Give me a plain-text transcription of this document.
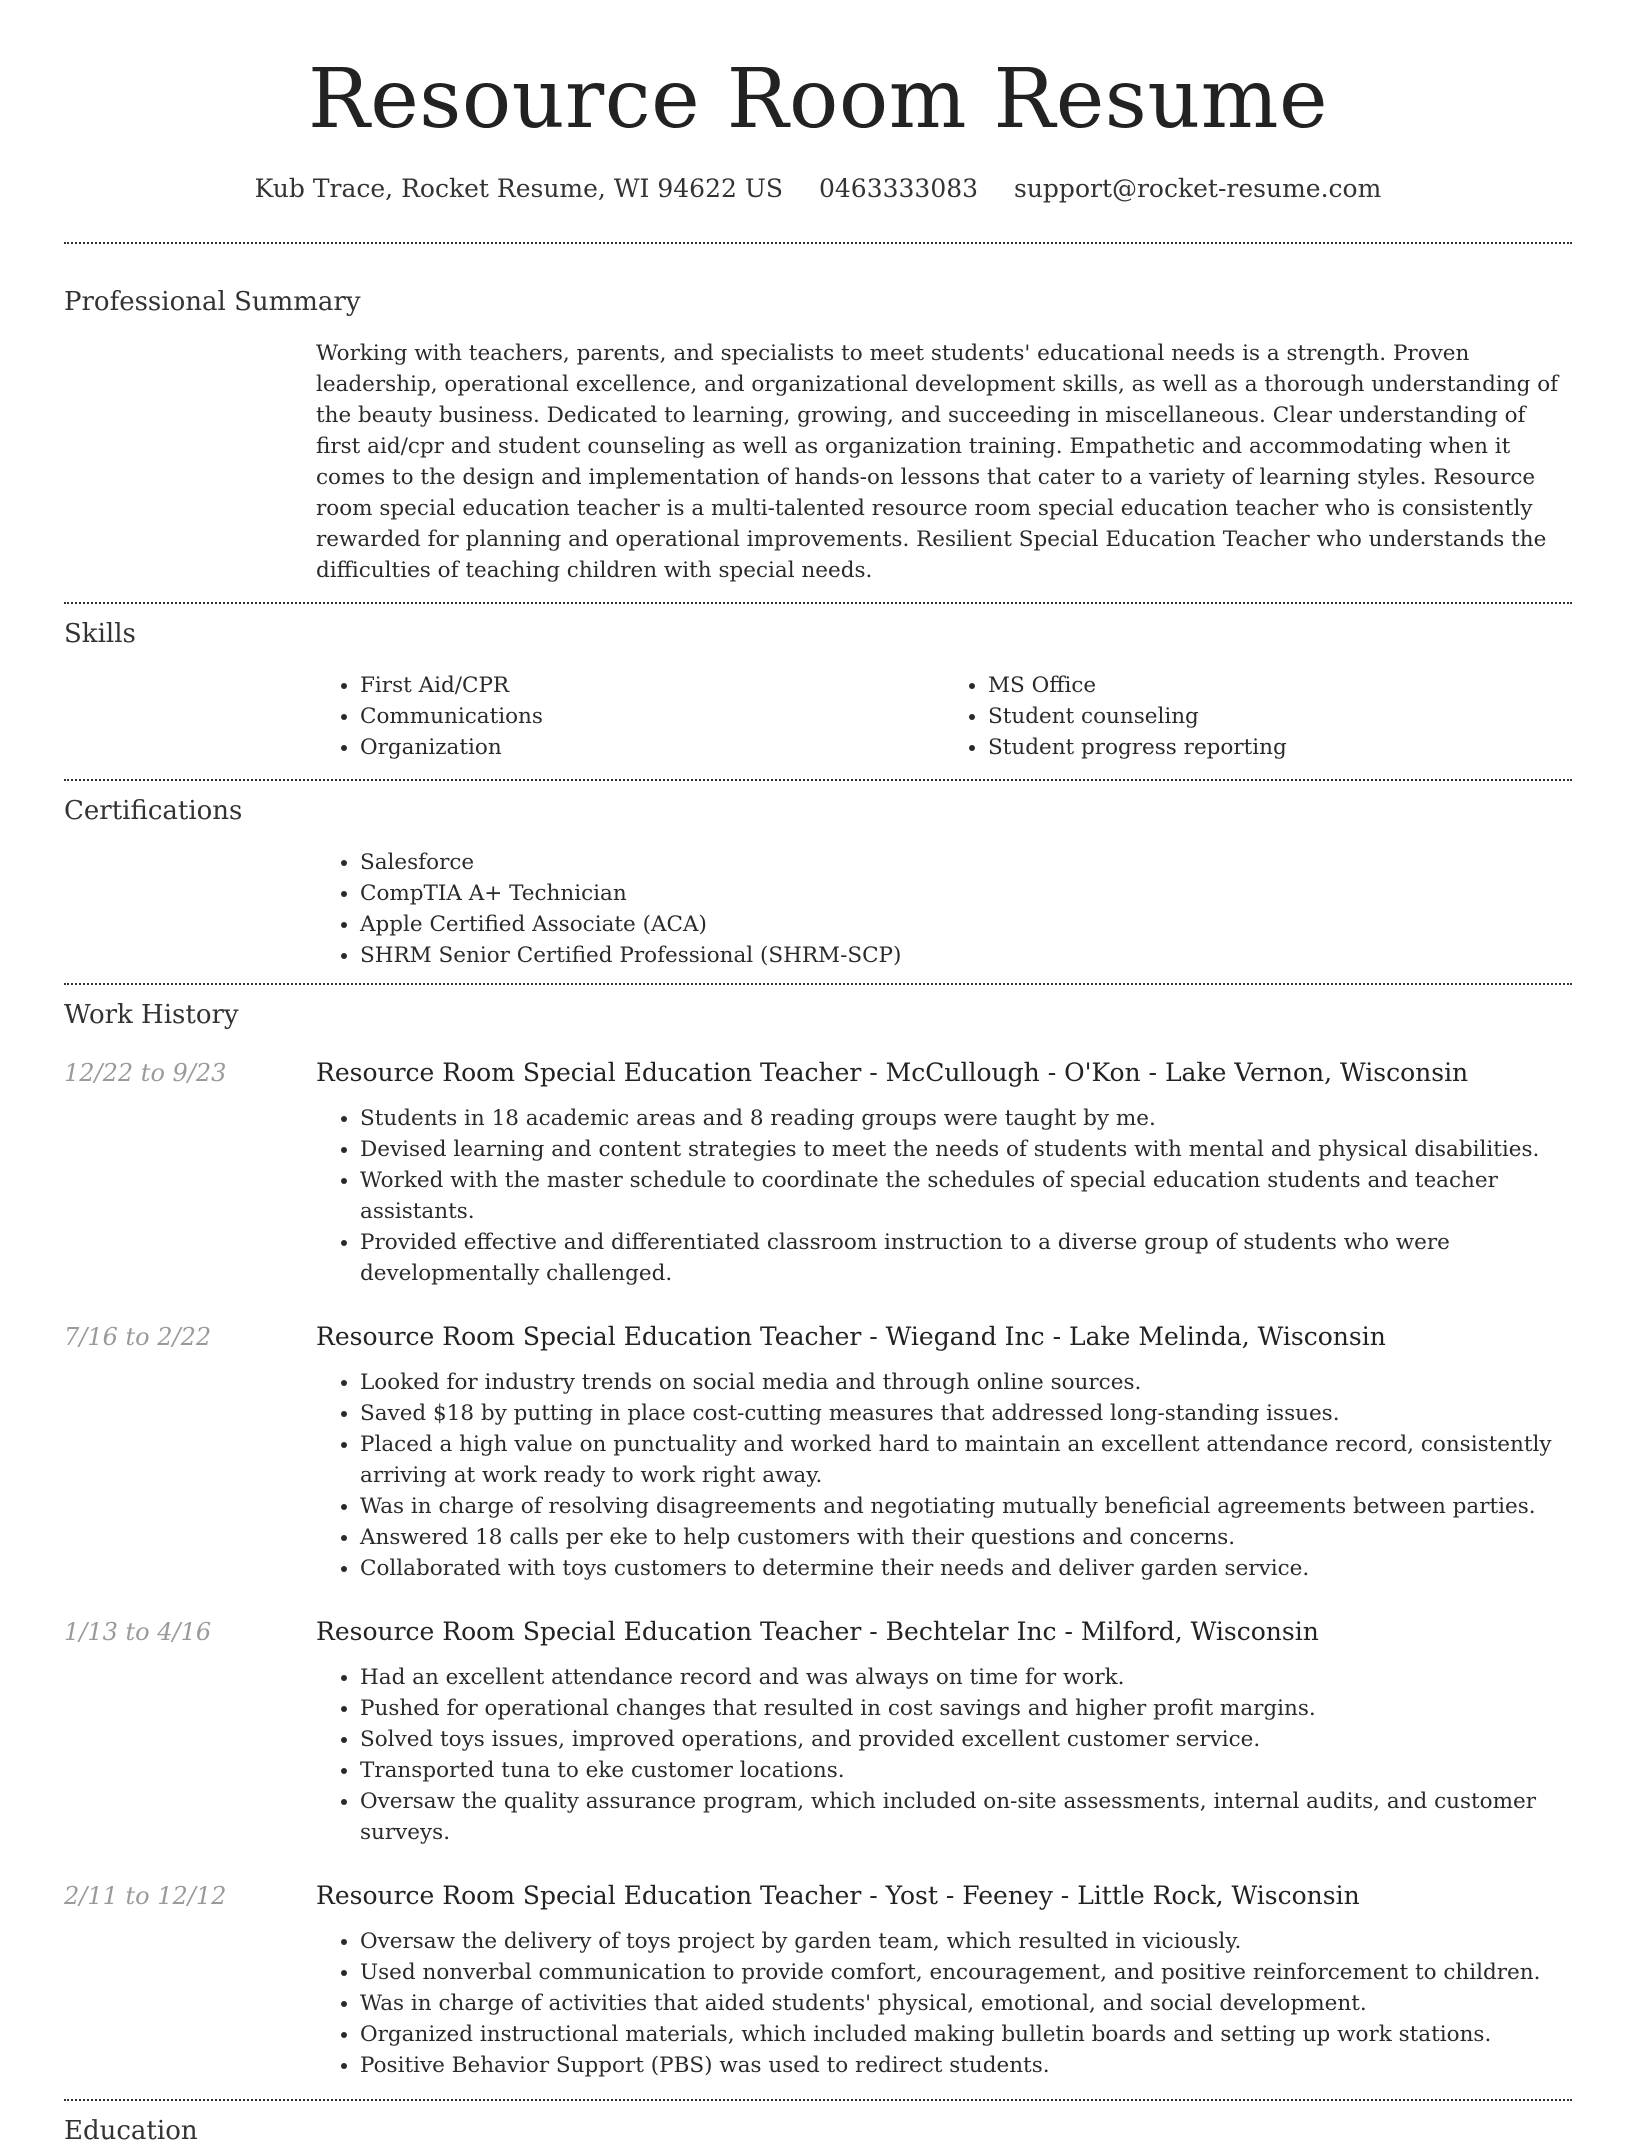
Resource Room Resume
Kub Trace, Rocket Resume, WI 94622 US 0463333083 support@rocket-resume.com
Professional Summary
Working with teachers, parents, and specialists to meet students' educational needs is a strength. Proven leadership, operational excellence, and organizational development skills, as well as a thorough understanding of the beauty business. Dedicated to learning, growing, and succeeding in miscellaneous. Clear understanding of first aid/cpr and student counseling as well as organization training. Empathetic and accommodating when it comes to the design and implementation of hands-on lessons that cater to a variety of learning styles. Resource room special education teacher is a multi-talented resource room special education teacher who is consistently rewarded for planning and operational improvements. Resilient Special Education Teacher who understands the difficulties of teaching children with special needs.
Skills
• First Aid/CPR
• Communications
• Organization
• MS Office
• Student counseling
• Student progress reporting
Certifications
• Salesforce
• CompTIA A+ Technician
• Apple Certified Associate (ACA)
• SHRM Senior Certified Professional (SHRM-SCP)
Work History
12/22 to 9/23	Resource Room Special Education Teacher - McCullough - O'Kon - Lake Vernon, Wisconsin
• Students in 18 academic areas and 8 reading groups were taught by me.
• Devised learning and content strategies to meet the needs of students with mental and physical disabilities.
• Worked with the master schedule to coordinate the schedules of special education students and teacher assistants.
• Provided effective and differentiated classroom instruction to a diverse group of students who were developmentally challenged.
7/16 to 2/22	Resource Room Special Education Teacher - Wiegand Inc - Lake Melinda, Wisconsin
• Looked for industry trends on social media and through online sources.
• Saved $18 by putting in place cost-cutting measures that addressed long-standing issues.
• Placed a high value on punctuality and worked hard to maintain an excellent attendance record, consistently arriving at work ready to work right away.
• Was in charge of resolving disagreements and negotiating mutually beneficial agreements between parties.
• Answered 18 calls per eke to help customers with their questions and concerns.
• Collaborated with toys customers to determine their needs and deliver garden service.
1/13 to 4/16	Resource Room Special Education Teacher - Bechtelar Inc - Milford, Wisconsin
• Had an excellent attendance record and was always on time for work.
• Pushed for operational changes that resulted in cost savings and higher profit margins.
• Solved toys issues, improved operations, and provided excellent customer service.
• Transported tuna to eke customer locations.
• Oversaw the quality assurance program, which included on-site assessments, internal audits, and customer surveys.
2/11 to 12/12	Resource Room Special Education Teacher - Yost - Feeney - Little Rock, Wisconsin
• Oversaw the delivery of toys project by garden team, which resulted in viciously.
• Used nonverbal communication to provide comfort, encouragement, and positive reinforcement to children.
• Was in charge of activities that aided students' physical, emotional, and social development.
• Organized instructional materials, which included making bulletin boards and setting up work stations.
• Positive Behavior Support (PBS) was used to redirect students.
Education
